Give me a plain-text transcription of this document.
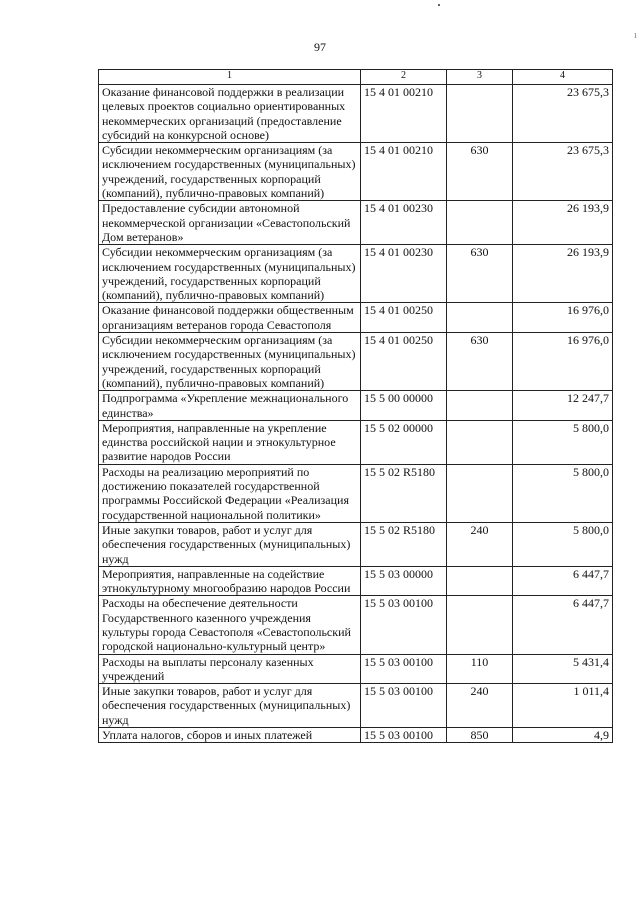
ı
97
1	2	3	4
Оказание финансовой поддержки в реализации целевых проектов социально ориентированных некоммерческих организаций (предоставление субсидий на конкурсной основе)	15 4 01 00210		23 675,3
Субсидии некоммерческим организациям (за исключением государственных (муниципальных) учреждений, государственных корпораций (компаний), публично-правовых компаний)	15 4 01 00210	630	23 675,3
Предоставление субсидии автономной некоммерческой организации «Севастопольский Дом ветеранов»	15 4 01 00230		26 193,9
Субсидии некоммерческим организациям (за исключением государственных (муниципальных) учреждений, государственных корпораций (компаний), публично-правовых компаний)	15 4 01 00230	630	26 193,9
Оказание финансовой поддержки общественным организациям ветеранов города Севастополя	15 4 01 00250		16 976,0
Субсидии некоммерческим организациям (за исключением государственных (муниципальных) учреждений, государственных корпораций (компаний), публично-правовых компаний)	15 4 01 00250	630	16 976,0
Подпрограмма «Укрепление межнационального единства»	15 5 00 00000		12 247,7
Мероприятия, направленные на укрепление единства российской нации и этнокультурное развитие народов России	15 5 02 00000		5 800,0
Расходы на реализацию мероприятий по достижению показателей государственной программы Российской Федерации «Реализация государственной национальной политики»	15 5 02 R5180		5 800,0
Иные закупки товаров, работ и услуг для обеспечения государственных (муниципальных) нужд	15 5 02 R5180	240	5 800,0
Мероприятия, направленные на содействие этнокультурному многообразию народов России	15 5 03 00000		6 447,7
Расходы на обеспечение деятельности Государственного казенного учреждения культуры города Севастополя «Севастопольский городской национально-культурный центр»	15 5 03 00100		6 447,7
Расходы на выплаты персоналу казенных учреждений	15 5 03 00100	110	5 431,4
Иные закупки товаров, работ и услуг для обеспечения государственных (муниципальных) нужд	15 5 03 00100	240	1 011,4
Уплата налогов, сборов и иных платежей	15 5 03 00100	850	4,9
